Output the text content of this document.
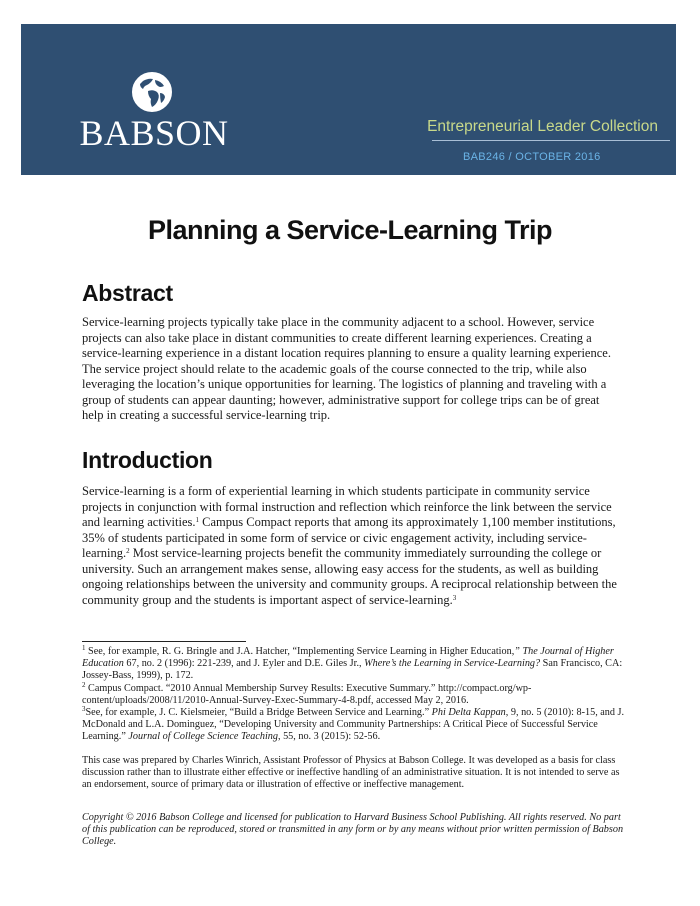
BABSON	Entrepreneurial Leader Collection
BAB246 / OCTOBER 2016
Planning a Service-Learning Trip
Abstract

Service-learning projects typically take place in the community adjacent to a school. However, service projects can also take place in distant communities to create different learning experiences. Creating a service-learning experience in a distant location requires planning to ensure a quality learning experience. The service project should relate to the academic goals of the course connected to the trip, while also leveraging the location’s unique opportunities for learning. The logistics of planning and traveling with a group of students can appear daunting; however, administrative support for college trips can be of great help in creating a successful service-learning trip.

Introduction

Service-learning is a form of experiential learning in which students participate in community service projects in conjunction with formal instruction and reflection which reinforce the link between the service and learning activities.$^1$ Campus Compact reports that among its approximately 1,100 member institutions, 35% of students participated in some form of service or civic engagement activity, including service-learning.$^2$ Most service-learning projects benefit the community immediately surrounding the college or university. Such an arrangement makes sense, allowing easy access for the students, as well as building ongoing relationships between the university and community groups. A reciprocal relationship between the community group and the students is important aspect of service-learning.$^3$

$^1$ See, for example, R. G. Bringle and J.A. Hatcher, “Implementing Service Learning in Higher Education,” The Journal of Higher Education 67, no. 2 (1996): 221-239, and J. Eyler and D.E. Giles Jr., Where’s the Learning in Service-Learning? San Francisco, CA: Jossey-Bass, 1999), p. 172.

$^2$ Campus Compact. “2010 Annual Membership Survey Results: Executive Summary.” http://compact.org/wp-content/uploads/2008/11/2010-Annual-Survey-Exec-Summary-4-8.pdf, accessed May 2, 2016.

$^3$See, for example, J. C. Kielsmeier, “Build a Bridge Between Service and Learning.” Phi Delta Kappan, 9, no. 5 (2010): 8-15, and J. McDonald and L.A. Dominguez, “Developing University and Community Partnerships: A Critical Piece of Successful Service Learning.” Journal of College Science Teaching, 55, no. 3 (2015): 52-56.

This case was prepared by Charles Winrich, Assistant Professor of Physics at Babson College. It was developed as a basis for class discussion rather than to illustrate either effective or ineffective handling of an administrative situation. It is not intended to serve as an endorsement, source of primary data or illustration of effective or ineffective management.

Copyright © 2016 Babson College and licensed for publication to Harvard Business School Publishing. All rights reserved. No part of this publication can be reproduced, stored or transmitted in any form or by any means without prior written permission of Babson College.
